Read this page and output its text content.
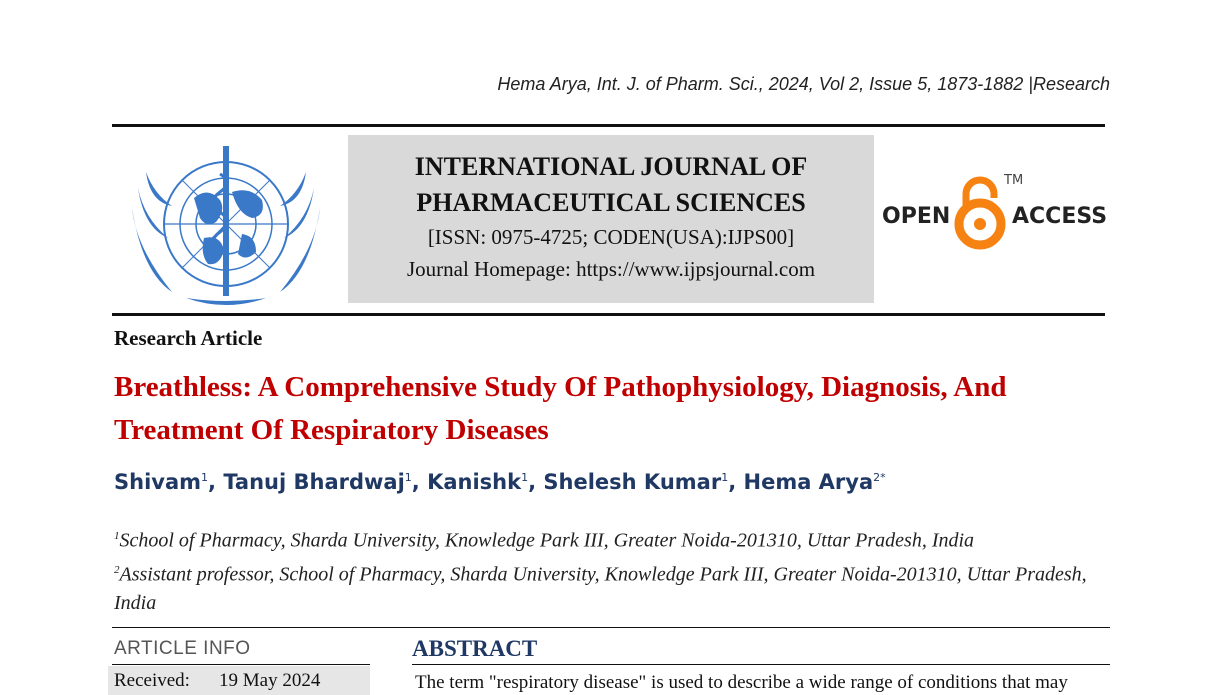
Hema Arya, Int. J. of Pharm. Sci., 2024, Vol 2, Issue 5, 1873-1882 |Research
INTERNATIONAL JOURNAL OF
PHARMACEUTICAL SCIENCES
[ISSN: 0975-4725; CODEN(USA):IJPS00]
Journal Homepage: https://www.ijpsjournal.com
OPEN
TM
ACCESS
Research Article
Breathless: A Comprehensive Study Of Pathophysiology, Diagnosis, And
Treatment Of Respiratory Diseases
Shivam$^1$, Tanuj Bhardwaj$^1$, Kanishk$^1$, Shelesh Kumar$^1$, Hema Arya$^{2*}$
$^1$School of Pharmacy, Sharda University, Knowledge Park III, Greater Noida-201310, Uttar Pradesh, India
$^2$Assistant professor, School of Pharmacy, Sharda University, Knowledge Park III, Greater Noida-201310, Uttar Pradesh, India
ARTICLE INFO	ABSTRACT
Received: 19 May 2024	The term "respiratory disease" is used to describe a wide range of conditions that may
